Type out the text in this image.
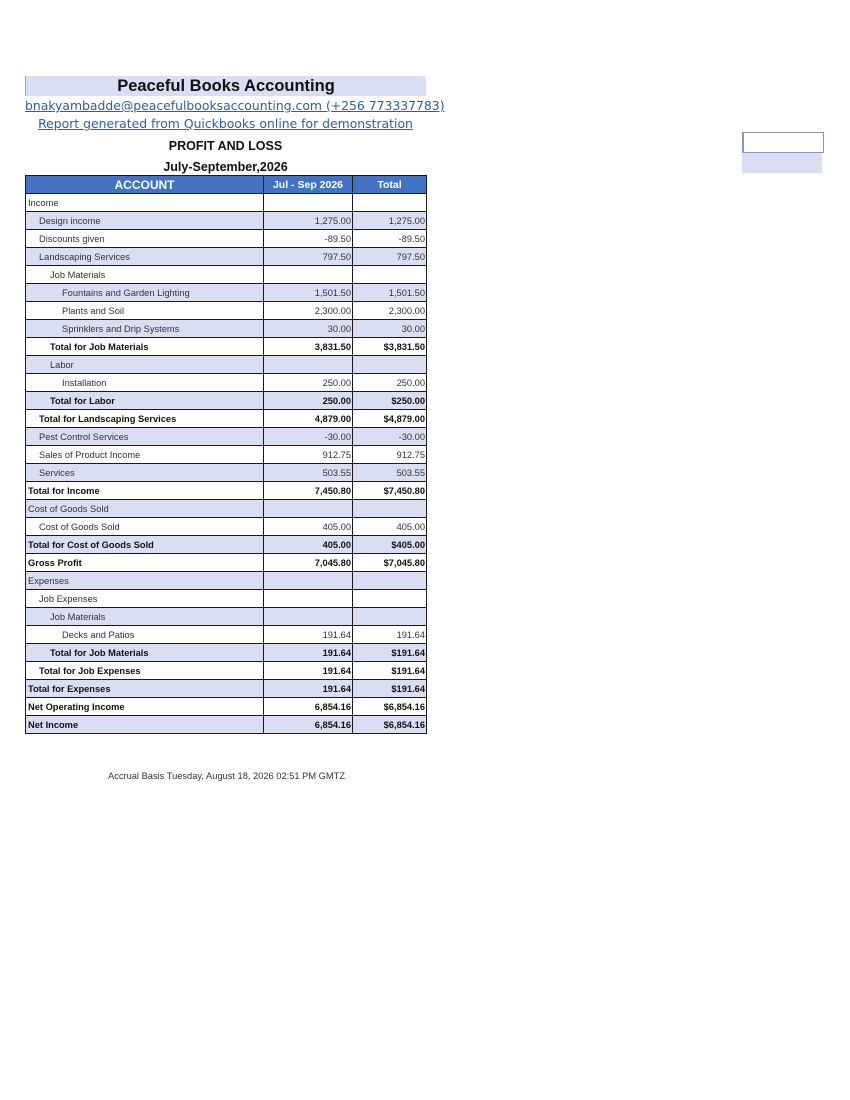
Peaceful Books Accounting
bnakyambadde@peacefulbooksaccounting.com (+256 773337783)
Report generated from Quickbooks online for demonstration
PROFIT AND LOSS
July-September,2026
ACCOUNT	Jul - Sep 2026	Total
Income		
Design income	1,275.00	1,275.00
Discounts given	-89.50	-89.50
Landscaping Services	797.50	797.50
Job Materials		
Fountains and Garden Lighting	1,501.50	1,501.50
Plants and Soil	2,300.00	2,300.00
Sprinklers and Drip Systems	30.00	30.00
Total for Job Materials	3,831.50	$3,831.50
Labor		
Installation	250.00	250.00
Total for Labor	250.00	$250.00
Total for Landscaping Services	4,879.00	$4,879.00
Pest Control Services	-30.00	-30.00
Sales of Product Income	912.75	912.75
Services	503.55	503.55
Total for Income	7,450.80	$7,450.80
Cost of Goods Sold		
Cost of Goods Sold	405.00	405.00
Total for Cost of Goods Sold	405.00	$405.00
Gross Profit	7,045.80	$7,045.80
Expenses		
Job Expenses		
Job Materials		
Decks and Patios	191.64	191.64
Total for Job Materials	191.64	$191.64
Total for Job Expenses	191.64	$191.64
Total for Expenses	191.64	$191.64
Net Operating Income	6,854.16	$6,854.16
Net Income	6,854.16	$6,854.16
Accrual Basis Tuesday, August 18, 2026 02:51 PM GMTZ
